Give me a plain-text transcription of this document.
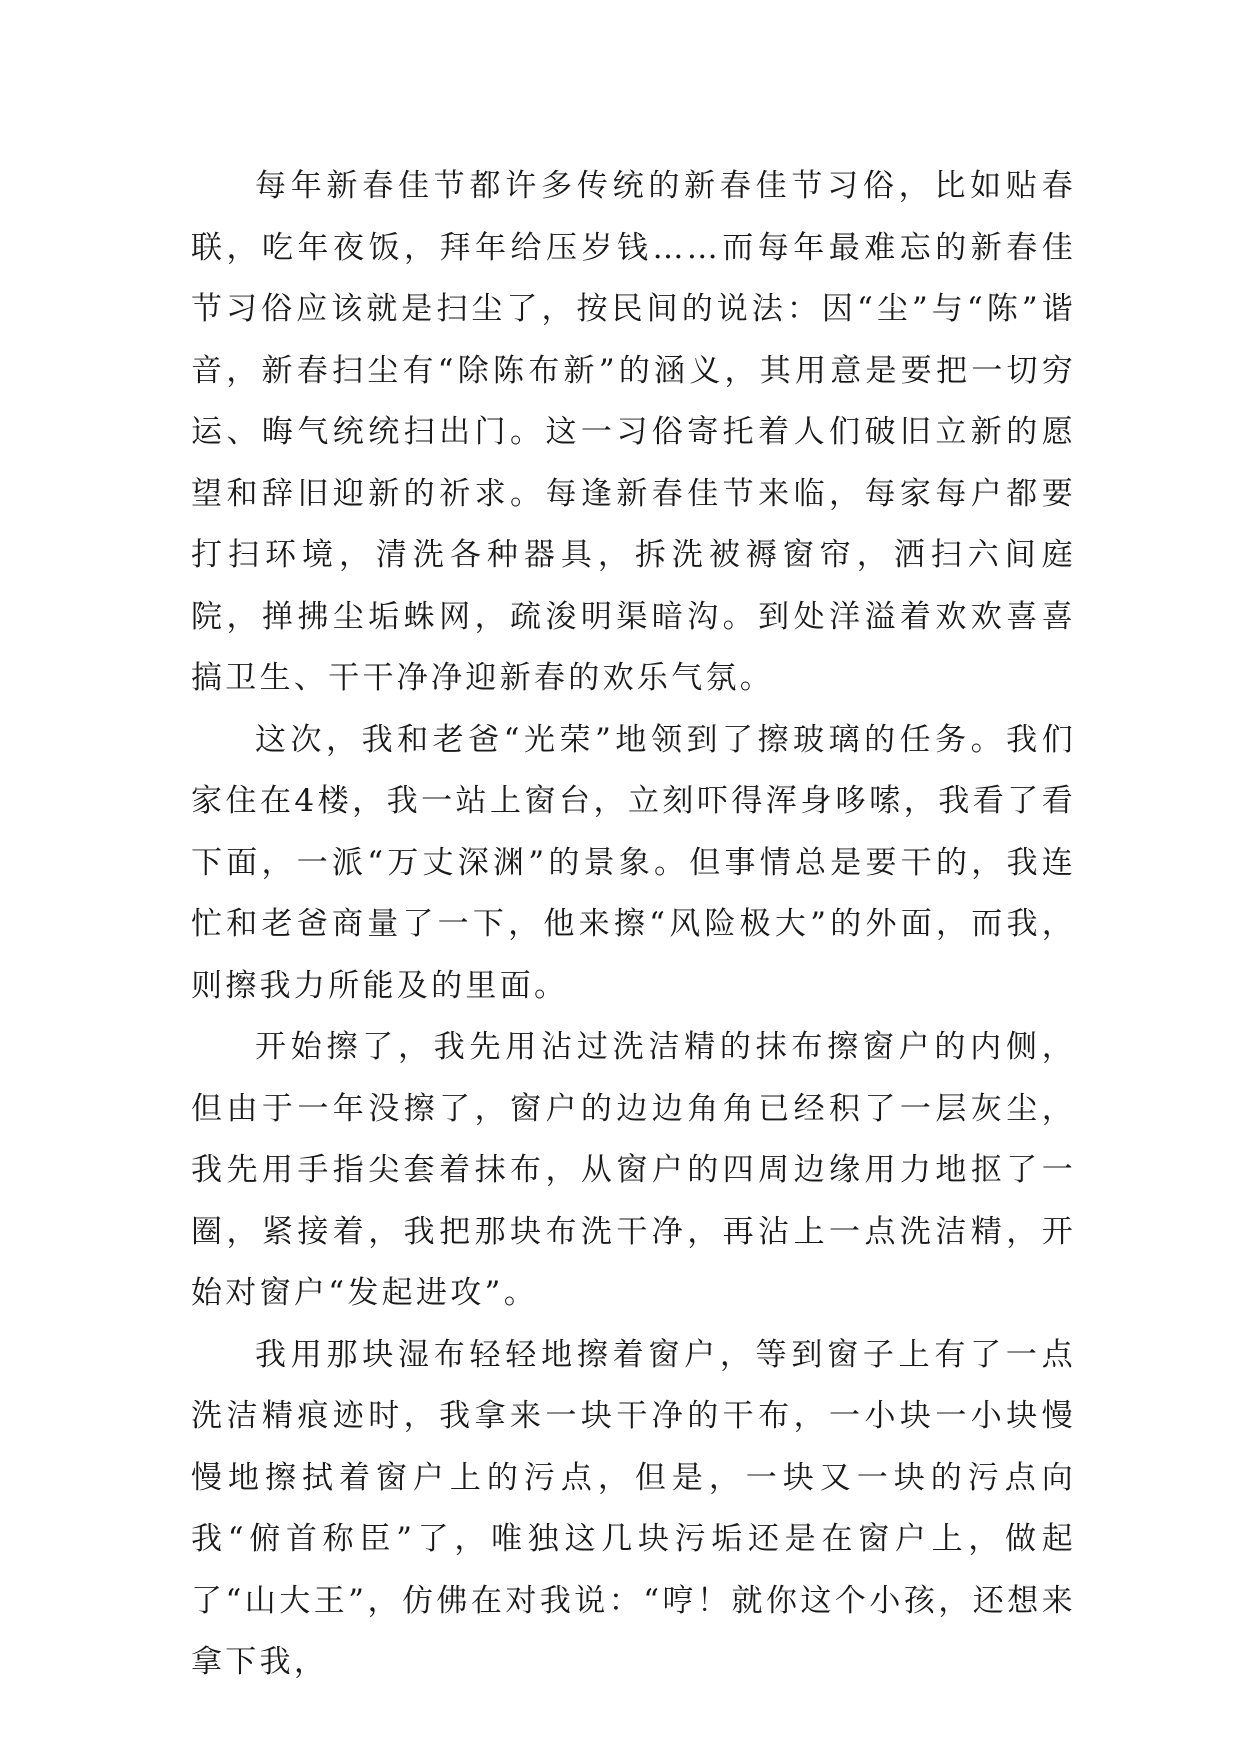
每年新春佳节都许多传统的新春佳节习俗，比如贴春联，吃年夜饭，拜年给压岁钱……而每年最难忘的新春佳节习俗应该就是扫尘了，按民间的说法：因“尘”与“陈”谐音，新春扫尘有“除陈布新”的涵义，其用意是要把一切穷运、晦气统统扫出门。这一习俗寄托着人们破旧立新的愿望和辞旧迎新的祈求。每逢新春佳节来临，每家每户都要打扫环境，清洗各种器具，拆洗被褥窗帘，洒扫六间庭院，掸拂尘垢蛛网，疏浚明渠暗沟。到处洋溢着欢欢喜喜搞卫生、干干净净迎新春的欢乐气氛。

这次，我和老爸“光荣”地领到了擦玻璃的任务。我们家住在4楼，我一站上窗台，立刻吓得浑身哆嗦，我看了看下面，一派“万丈深渊”的景象。但事情总是要干的，我连忙和老爸商量了一下，他来擦“风险极大”的外面，而我，则擦我力所能及的里面。

开始擦了，我先用沾过洗洁精的抹布擦窗户的内侧，但由于一年没擦了，窗户的边边角角已经积了一层灰尘，我先用手指尖套着抹布，从窗户的四周边缘用力地抠了一圈，紧接着，我把那块布洗干净，再沾上一点洗洁精，开始对窗户“发起进攻”。

我用那块湿布轻轻地擦着窗户，等到窗子上有了一点洗洁精痕迹时，我拿来一块干净的干布，一小块一小块慢慢地擦拭着窗户上的污点，但是，一块又一块的污点向我“俯首称臣”了，唯独这几块污垢还是在窗户上，做起了“山大王”，仿佛在对我说：“哼！就你这个小孩，还想来拿下我，
